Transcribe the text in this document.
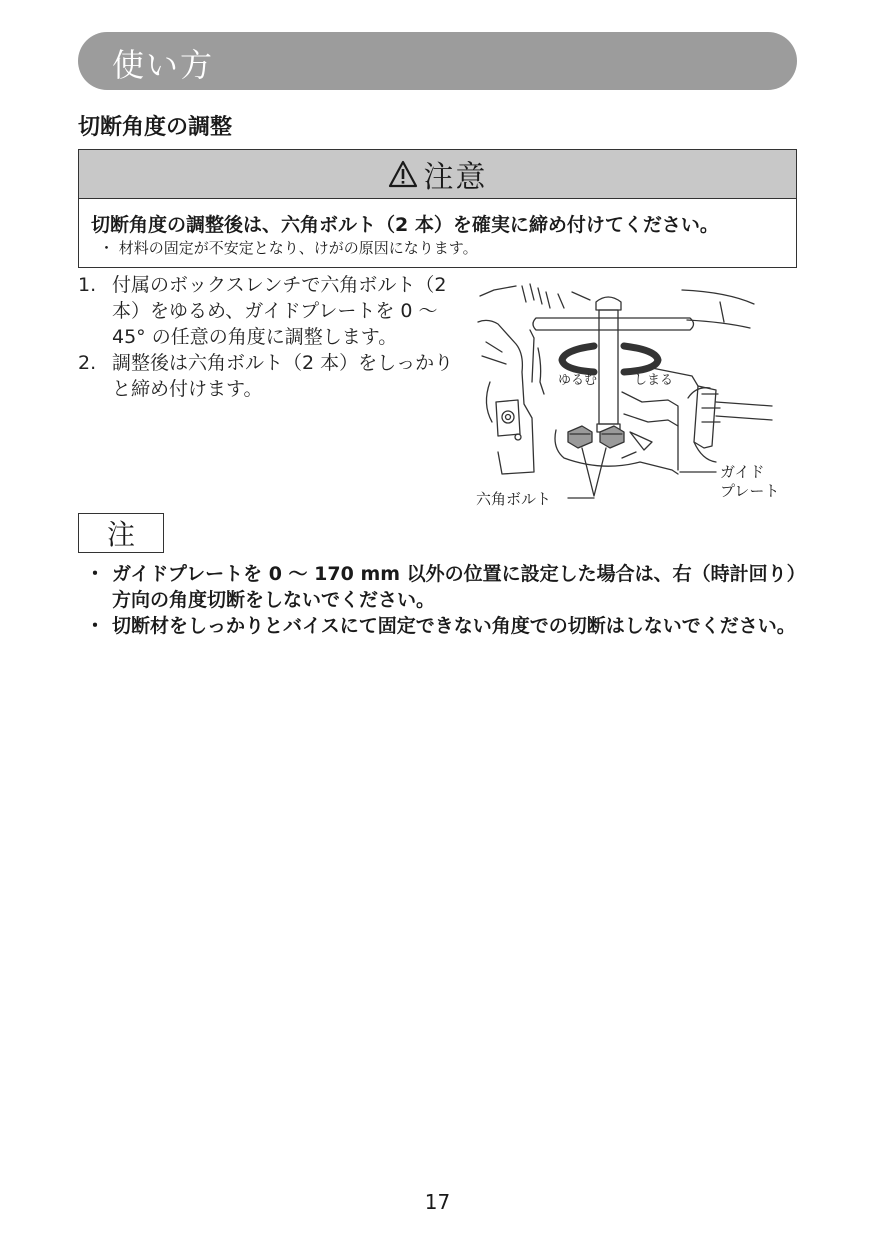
使い方
切断角度の調整
注意
切断角度の調整後は、六角ボルト（2 本）を確実に締め付けてください。
・ 材料の固定が不安定となり、けがの原因になります。
1. 付属のボックスレンチで六角ボルト（2 本）をゆるめ、ガイドプレートを 0 ～ 45° の任意の角度に調整します。
2. 調整後は六角ボルト（2 本）をしっかりと締め付けます。	ゆるむ	しまる
ガイド
プレート
六角ボルト
注
・ ガイドプレートを 0 ～ 170 mm 以外の位置に設定した場合は、右（時計回り）方向の角度切断をしないでください。
・ 切断材をしっかりとバイスにて固定できない角度での切断はしないでください。
17
